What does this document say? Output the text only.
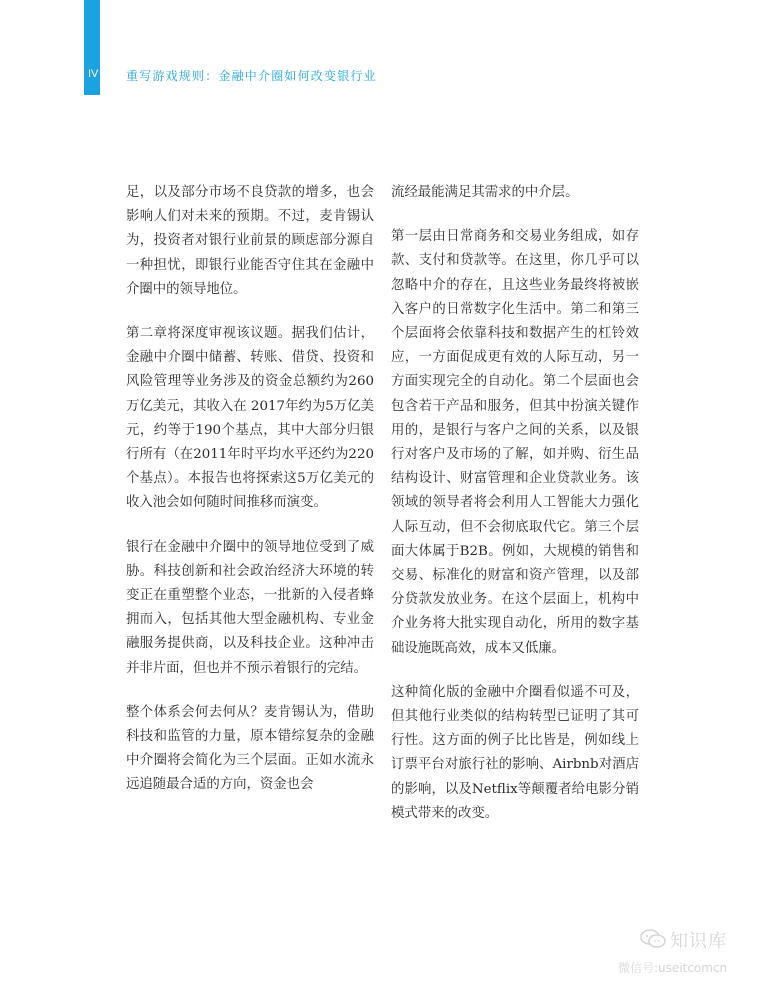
IV 重写游戏规则：金融中介圈如何改变银行业

足，以及部分市场不良贷款的增多，也会影响人们对未来的预期。不过，麦肯锡认为，投资者对银行业前景的顾虑部分源自一种担忧，即银行业能否守住其在金融中介圈中的领导地位。

第二章将深度审视该议题。据我们估计，金融中介圈中储蓄、转账、借贷、投资和风险管理等业务涉及的资金总额约为260万亿美元，其收入在 2017年约为5万亿美元，约等于190个基点，其中大部分归银行所有（在2011年时平均水平还约为220个基点）。本报告也将探索这5万亿美元的收入池会如何随时间推移而演变。

银行在金融中介圈中的领导地位受到了威胁。科技创新和社会政治经济大环境的转变正在重塑整个业态，一批新的入侵者蜂拥而入，包括其他大型金融机构、专业金融服务提供商，以及科技企业。这种冲击并非片面，但也并不预示着银行的完结。

整个体系会何去何从？麦肯锡认为，借助科技和监管的力量，原本错综复杂的金融中介圈将会简化为三个层面。正如水流永远追随最合适的方向，资金也会

流经最能满足其需求的中介层。

第一层由日常商务和交易业务组成，如存款、支付和贷款等。在这里，你几乎可以忽略中介的存在，且这些业务最终将被嵌入客户的日常数字化生活中。第二和第三个层面将会依靠科技和数据产生的杠铃效应，一方面促成更有效的人际互动，另一方面实现完全的自动化。第二个层面也会包含若干产品和服务，但其中扮演关键作用的，是银行与客户之间的关系，以及银行对客户及市场的了解，如并购、衍生品结构设计、财富管理和企业贷款业务。该领域的领导者将会利用人工智能大力强化人际互动，但不会彻底取代它。第三个层面大体属于B2B。例如，大规模的销售和交易、标准化的财富和资产管理，以及部分贷款发放业务。在这个层面上，机构中介业务将大批实现自动化，所用的数字基础设施既高效，成本又低廉。

这种简化版的金融中介圈看似遥不可及，但其他行业类似的结构转型已证明了其可行性。这方面的例子比比皆是，例如线上订票平台对旅行社的影响、Airbnb对酒店的影响，以及Netflix等颠覆者给电影分销模式带来的改变。

知识库
微信号:useitcomcn
